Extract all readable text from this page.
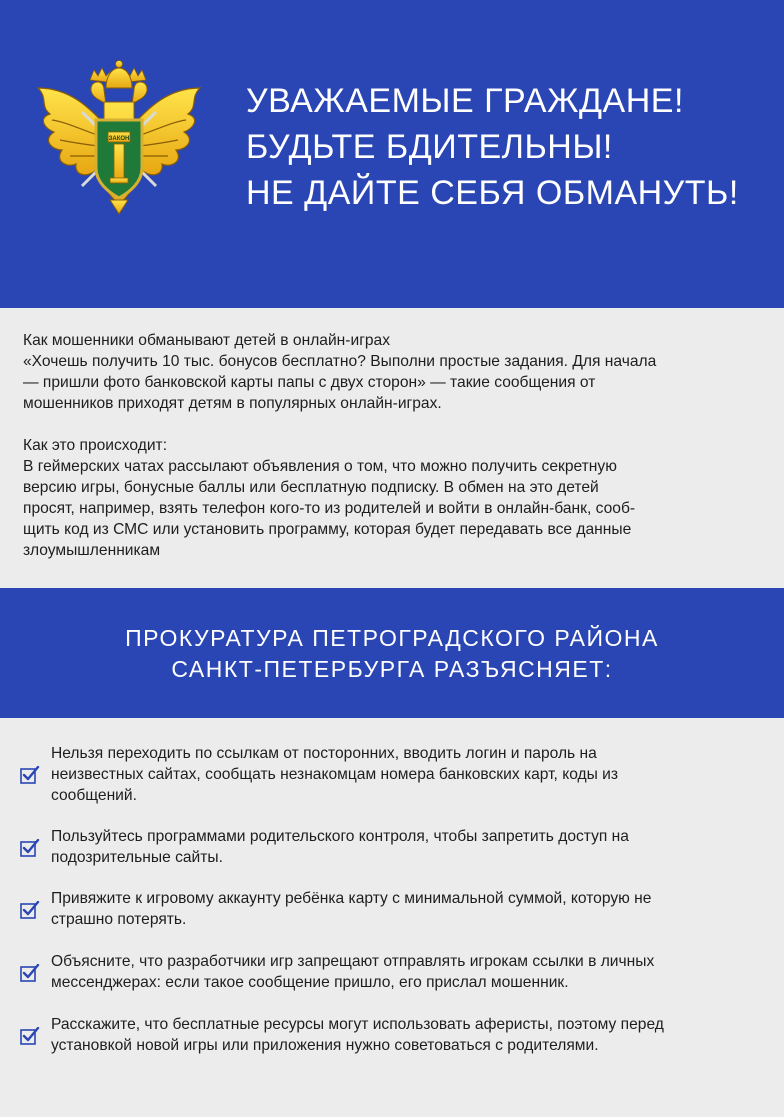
ЗАКОН
УВАЖАЕМЫЕ ГРАЖДАНЕ!
БУДЬТЕ БДИТЕЛЬНЫ!
НЕ ДАЙТЕ СЕБЯ ОБМАНУТЬ!

Как мошенники обманывают детей в онлайн-играх

«Хочешь получить 10 тыс. бонусов бесплатно? Выполни простые задания. Для начала

— пришли фото банковской карты папы с двух сторон» — такие сообщения от

мошенников приходят детям в популярных онлайн-играх.

Как это происходит:

В геймерских чатах рассылают объявления о том, что можно получить секретную

версию игры, бонусные баллы или бесплатную подписку. В обмен на это детей

просят, например, взять телефон кого-то из родителей и войти в онлайн-банк, сооб-

щить код из СМС или установить программу, которая будет передавать все данные

злоумышленникам

ПРОКУРАТУРА ПЕТРОГРАДСКОГО РАЙОНА
САНКТ-ПЕТЕРБУРГА РАЗЪЯСНЯЕТ:
Нельзя переходить по ссылкам от посторонних, вводить логин и пароль на
неизвестных сайтах, сообщать незнакомцам номера банковских карт, коды из
сообщений.
Пользуйтесь программами родительского контроля, чтобы запретить доступ на
подозрительные сайты.
Привяжите к игровому аккаунту ребёнка карту с минимальной суммой, которую не
страшно потерять.
Объясните, что разработчики игр запрещают отправлять игрокам ссылки в личных
мессенджерах: если такое сообщение пришло, его прислал мошенник.
Расскажите, что бесплатные ресурсы могут использовать аферисты, поэтому перед
установкой новой игры или приложения нужно советоваться с родителями.
